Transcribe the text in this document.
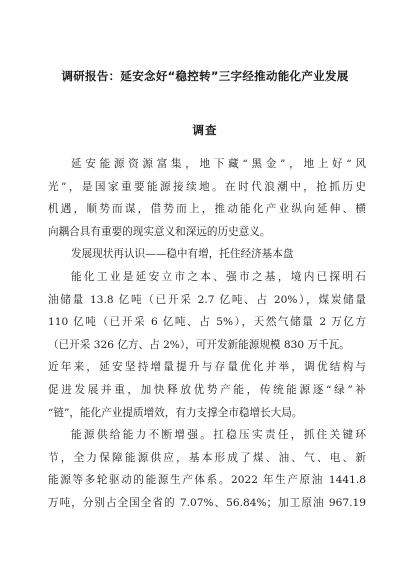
调研报告：延安念好“稳控转”三字经推动能化产业发展
调查
延安能源资源富集，地下藏“黑金”，地上好“风
光”，是国家重要能源接续地。在时代浪潮中，抢抓历史
机遇，顺势而谋，借势而上，推动能化产业纵向延伸、横
向耦合具有重要的现实意义和深远的历史意义。
发展现状再认识——稳中有增，托住经济基本盘
能化工业是延安立市之本、强市之基，境内已探明石
油储量 13.8 亿吨（已开采 2.7 亿吨、占 20%），煤炭储量
110 亿吨（已开采 6 亿吨、占 5%），天然气储量 2 万亿方
（已开采 326 亿方、占 2%），可开发新能源规模 830 万千瓦。
近年来，延安坚持增量提升与存量优化并举，调优结构与
促进发展并重，加快释放优势产能，传统能源逐“绿”补
“链”，能化产业提质增效，有力支撑全市稳增长大局。
能源供给能力不断增强。扛稳压实责任，抓住关键环
节，全力保障能源供应，基本形成了煤、油、气、电、新
能源等多轮驱动的能源生产体系。2022 年生产原油 1441.8
万吨，分别占全国全省的 7.07%、56.84%；加工原油 967.19
